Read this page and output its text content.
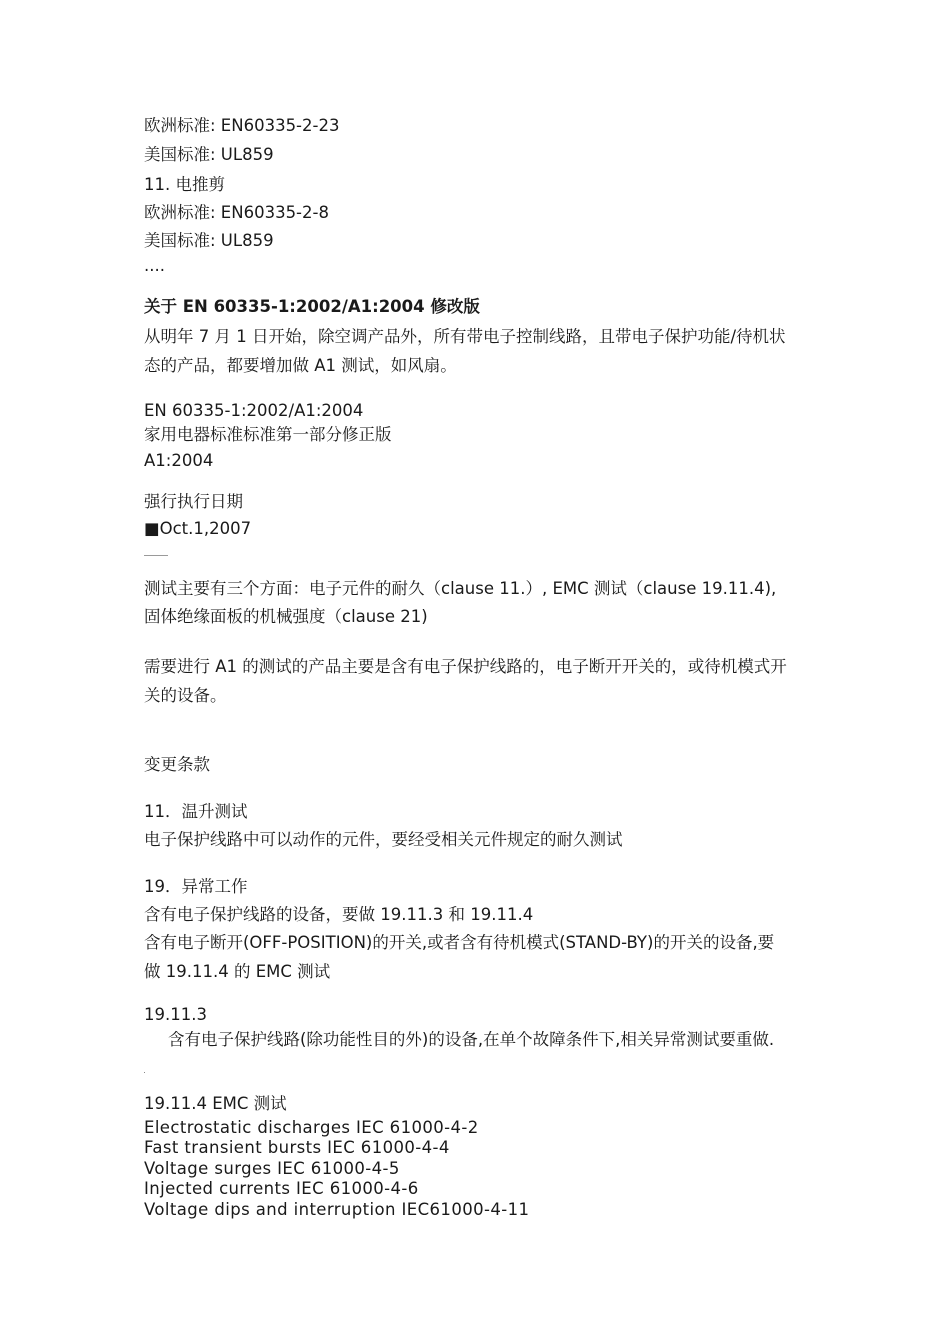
欧洲标准: EN60335-2-23
美国标准: UL859
11. 电推剪
欧洲标准: EN60335-2-8
美国标准: UL859
....
关于 EN 60335-1:2002/A1:2004 修改版
从明年 7 月 1 日开始，除空调产品外，所有带电子控制线路，且带电子保护功能/待机状
态的产品，都要增加做 A1 测试，如风扇。
EN 60335-1:2002/A1:2004
家用电器标准标准第一部分修正版
A1:2004
强行执行日期
■Oct.1,2007
测试主要有三个方面：电子元件的耐久（clause 11.）, EMC 测试（clause 19.11.4),
固体绝缘面板的机械强度（clause 21)
需要进行 A1 的测试的产品主要是含有电子保护线路的，电子断开开关的，或待机模式开
关的设备。
变更条款
11．温升测试
电子保护线路中可以动作的元件，要经受相关元件规定的耐久测试
19．异常工作
含有电子保护线路的设备，要做 19.11.3 和 19.11.4
含有电子断开(OFF-POSITION)的开关,或者含有待机模式(STAND-BY)的开关的设备,要
做 19.11.4 的 EMC 测试
19.11.3
含有电子保护线路(除功能性目的外)的设备,在单个故障条件下,相关异常测试要重做.
19.11.4 EMC 测试
Electrostatic discharges IEC 61000-4-2
Fast transient bursts IEC 61000-4-4
Voltage surges IEC 61000-4-5
Injected currents IEC 61000-4-6
Voltage dips and interruption IEC61000-4-11
